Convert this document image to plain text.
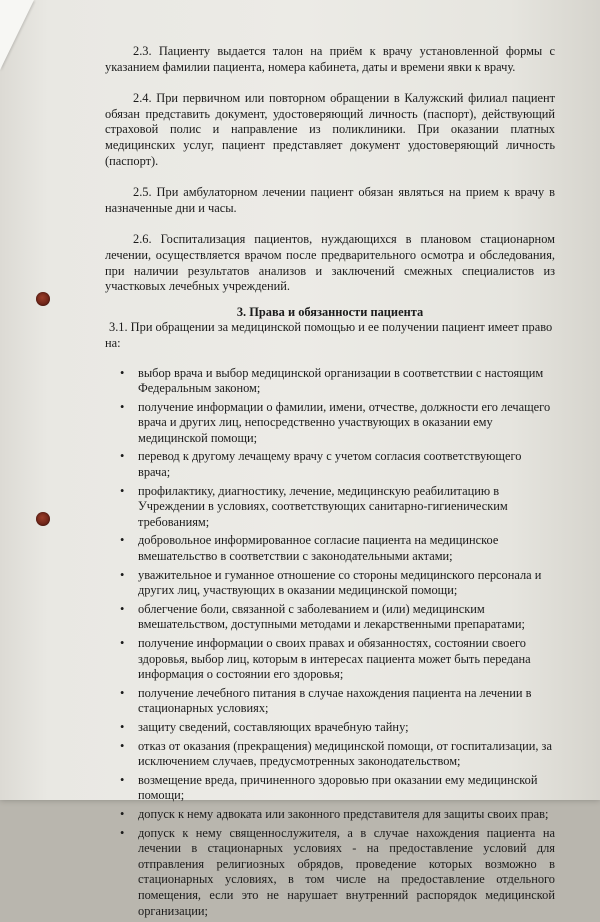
2.3. Пациенту выдается талон на приём к врачу установленной формы с указанием фамилии пациента, номера кабинета, даты и времени явки к врачу.

2.4. При первичном или повторном обращении в Калужский филиал пациент обязан представить документ, удостоверяющий личность (паспорт), действующий страховой полис и направление из поликлиники. При оказании платных медицинских услуг, пациент представляет документ удостоверяющий личность (паспорт).

2.5. При амбулаторном лечении пациент обязан являться на прием к врачу в назначенные дни и часы.

2.6. Госпитализация пациентов, нуждающихся в плановом стационарном лечении, осуществляется врачом после предварительного осмотра и обследования, при наличии результатов анализов и заключений смежных специалистов из участковых лечебных учреждений.

3. Права и обязанности пациента
3.1. При обращении за медицинской помощью и ее получении пациент имеет право на:
• выбор врача и выбор медицинской организации в соответствии с настоящим Федеральным законом;
• получение информации о фамилии, имени, отчестве, должности его лечащего врача и других лиц, непосредственно участвующих в оказании ему медицинской помощи;
• перевод к другому лечащему врачу с учетом согласия соответствующего врача;
• профилактику, диагностику, лечение, медицинскую реабилитацию в Учреждении в условиях, соответствующих санитарно-гигиеническим требованиям;
• добровольное информированное согласие пациента на медицинское вмешательство в соответствии с законодательными актами;
• уважительное и гуманное отношение со стороны медицинского персонала и других лиц, участвующих в оказании медицинской помощи;
• облегчение боли, связанной с заболеванием и (или) медицинским вмешательством, доступными методами и лекарственными препаратами;
• получение информации о своих правах и обязанностях, состоянии своего здоровья, выбор лиц, которым в интересах пациента может быть передана информация о состоянии его здоровья;
• получение лечебного питания в случае нахождения пациента на лечении в стационарных условиях;
• защиту сведений, составляющих врачебную тайну;
• отказ от оказания (прекращения) медицинской помощи, от госпитализации, за исключением случаев, предусмотренных законодательством;
• возмещение вреда, причиненного здоровью при оказании ему медицинской помощи;
• допуск к нему адвоката или законного представителя для защиты своих прав;
• допуск к нему священнослужителя, а в случае нахождения пациента на лечении в стационарных условиях - на предоставление условий для отправления религиозных обрядов, проведение которых возможно в стационарных условиях, в том числе на предоставление отдельного помещения, если это не нарушает внутренний распорядок медицинской организации;
